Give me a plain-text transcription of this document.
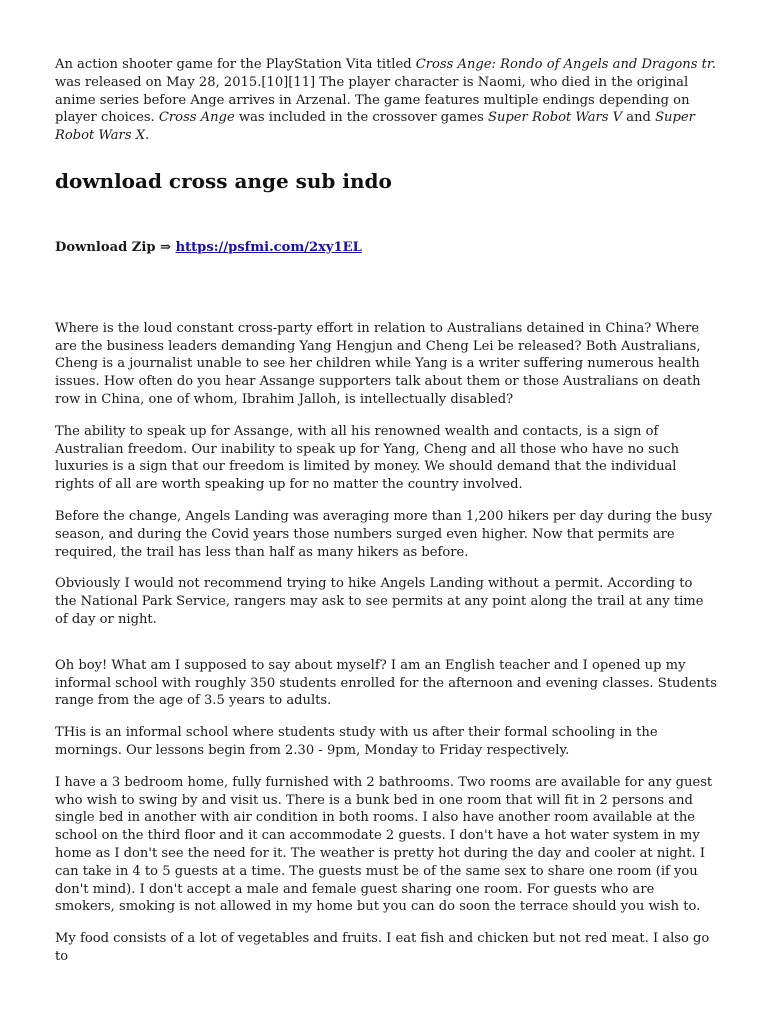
An action shooter game for the PlayStation Vita titled Cross Ange: Rondo of Angels and Dragons tr. was released on May 28, 2015.[10][11] The player character is Naomi, who died in the original anime series before Ange arrives in Arzenal. The game features multiple endings depending on player choices. Cross Ange was included in the crossover games Super Robot Wars V and Super Robot Wars X.

download cross ange sub indo

Download Zip ⇒ https://psfmi.com/2xy1EL

Where is the loud constant cross-party effort in relation to Australians detained in China? Where are the business leaders demanding Yang Hengjun and Cheng Lei be released? Both Australians, Cheng is a journalist unable to see her children while Yang is a writer suffering numerous health issues. How often do you hear Assange supporters talk about them or those Australians on death row in China, one of whom, Ibrahim Jalloh, is intellectually disabled?

The ability to speak up for Assange, with all his renowned wealth and contacts, is a sign of Australian freedom. Our inability to speak up for Yang, Cheng and all those who have no such luxuries is a sign that our freedom is limited by money. We should demand that the individual rights of all are worth speaking up for no matter the country involved.

Before the change, Angels Landing was averaging more than 1,200 hikers per day during the busy season, and during the Covid years those numbers surged even higher. Now that permits are required, the trail has less than half as many hikers as before.

Obviously I would not recommend trying to hike Angels Landing without a permit. According to the National Park Service, rangers may ask to see permits at any point along the trail at any time of day or night.

Oh boy! What am I supposed to say about myself? I am an English teacher and I opened up my informal school with roughly 350 students enrolled for the afternoon and evening classes. Students range from the age of 3.5 years to adults.

THis is an informal school where students study with us after their formal schooling in the mornings. Our lessons begin from 2.30 - 9pm, Monday to Friday respectively.

I have a 3 bedroom home, fully furnished with 2 bathrooms. Two rooms are available for any guest who wish to swing by and visit us. There is a bunk bed in one room that will fit in 2 persons and single bed in another with air condition in both rooms. I also have another room available at the school on the third floor and it can accommodate 2 guests. I don't have a hot water system in my home as I don't see the need for it. The weather is pretty hot during the day and cooler at night. I can take in 4 to 5 guests at a time. The guests must be of the same sex to share one room (if you don't mind). I don't accept a male and female guest sharing one room. For guests who are smokers, smoking is not allowed in my home but you can do soon the terrace should you wish to.

My food consists of a lot of vegetables and fruits. I eat fish and chicken but not red meat. I also go to
